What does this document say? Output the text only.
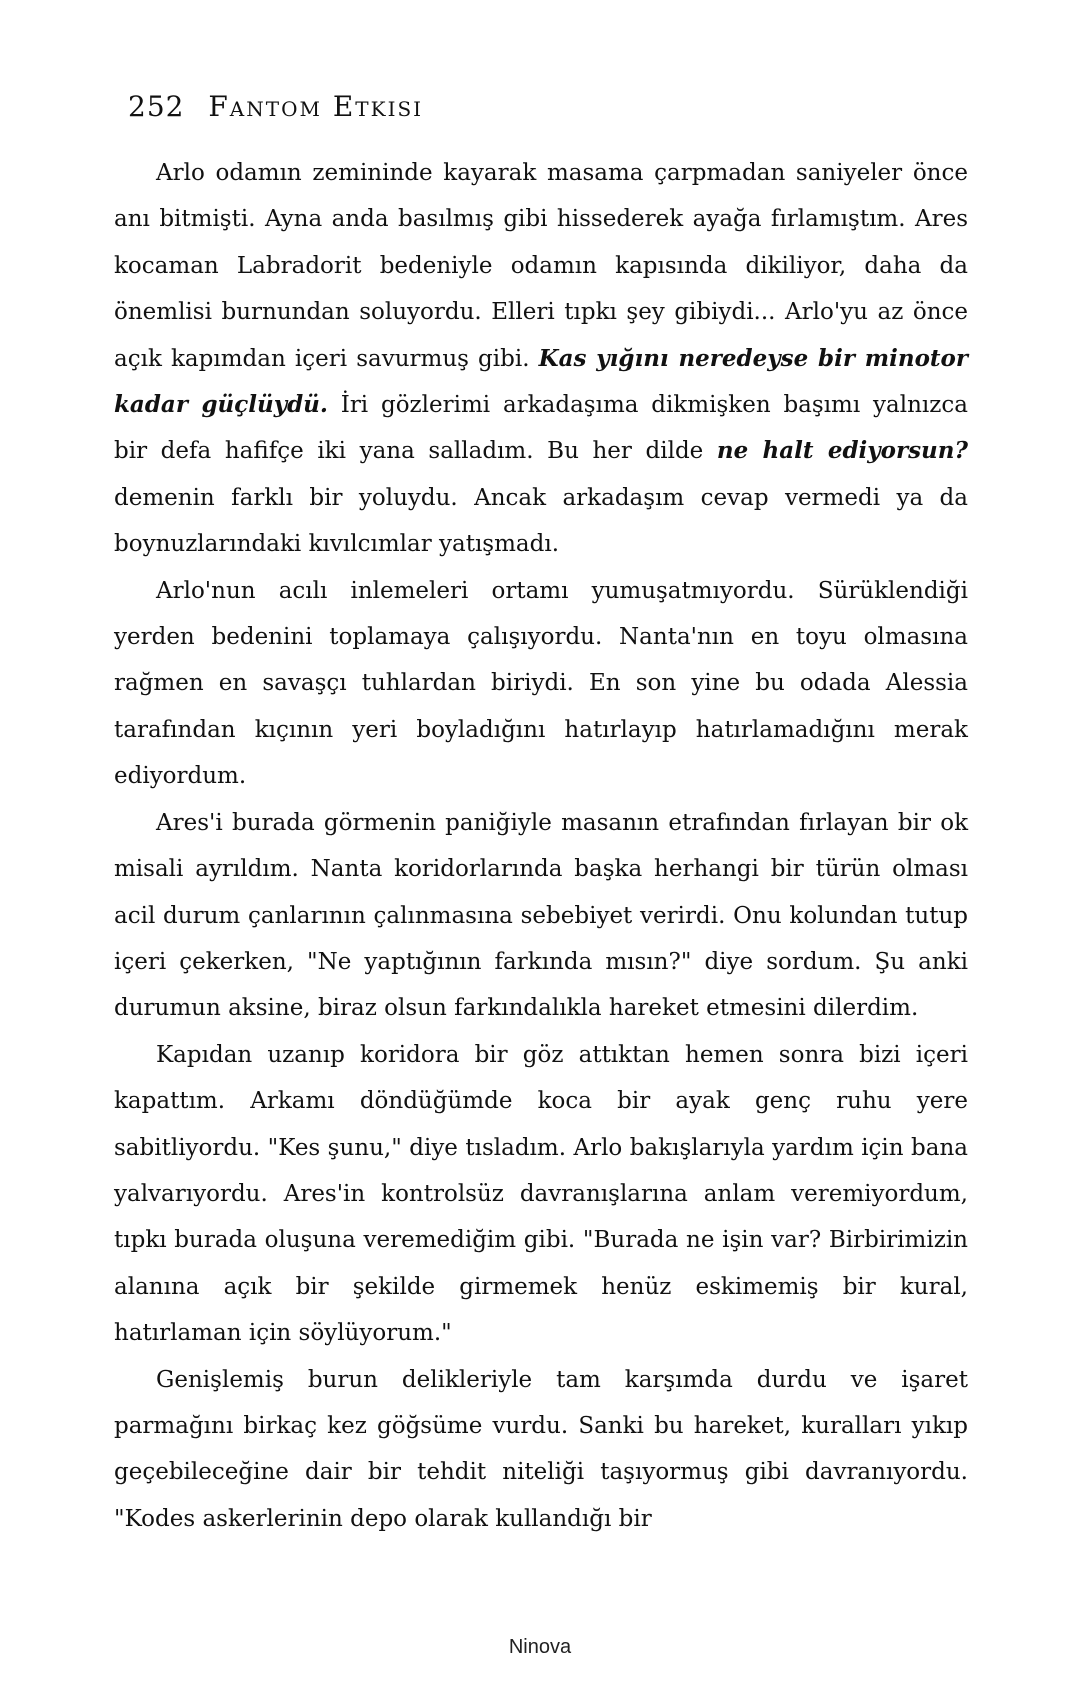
252 Fantom Etkisi

Arlo odamın zemininde kayarak masama çarpmadan saniyeler önce anı bitmişti. Ayna anda basılmış gibi hissederek ayağa fırlamıştım. Ares kocaman Labradorit bedeniyle odamın kapısında dikiliyor, daha da önemlisi burnundan soluyordu. Elleri tıpkı şey gibiydi... Arlo'yu az önce açık kapımdan içeri savurmuş gibi. Kas yığını neredeyse bir minotor kadar güçlüydü. İri gözlerimi arkadaşıma dikmişken başımı yalnızca bir defa hafifçe iki yana salladım. Bu her dilde ne halt ediyorsun? demenin farklı bir yoluydu. Ancak arkadaşım cevap vermedi ya da boynuzlarındaki kıvılcımlar yatışmadı.

Arlo'nun acılı inlemeleri ortamı yumuşatmıyordu. Sürüklendiği yerden bedenini toplamaya çalışıyordu. Nanta'nın en toyu olmasına rağmen en savaşçı tuhlardan biriydi. En son yine bu odada Alessia tarafından kıçının yeri boyladığını hatırlayıp hatırlamadığını merak ediyordum.

Ares'i burada görmenin paniğiyle masanın etrafından fırlayan bir ok misali ayrıldım. Nanta koridorlarında başka herhangi bir türün olması acil durum çanlarının çalınmasına sebebiyet verirdi. Onu kolundan tutup içeri çekerken, "Ne yaptığının farkında mısın?" diye sordum. Şu anki durumun aksine, biraz olsun farkındalıkla hareket etmesini dilerdim.

Kapıdan uzanıp koridora bir göz attıktan hemen sonra bizi içeri kapattım. Arkamı döndüğümde koca bir ayak genç ruhu yere sabitliyordu. "Kes şunu," diye tısladım. Arlo bakışlarıyla yardım için bana yalvarıyordu. Ares'in kontrolsüz davranışlarına anlam veremiyordum, tıpkı burada oluşuna veremediğim gibi. "Burada ne işin var? Birbirimizin alanına açık bir şekilde girmemek henüz eskimemiş bir kural, hatırlaman için söylüyorum."

Genişlemiş burun delikleriyle tam karşımda durdu ve işaret parmağını birkaç kez göğsüme vurdu. Sanki bu hareket, kuralları yıkıp geçebileceğine dair bir tehdit niteliği taşıyormuş gibi davranıyordu. "Kodes askerlerinin depo olarak kullandığı bir

Ninova
